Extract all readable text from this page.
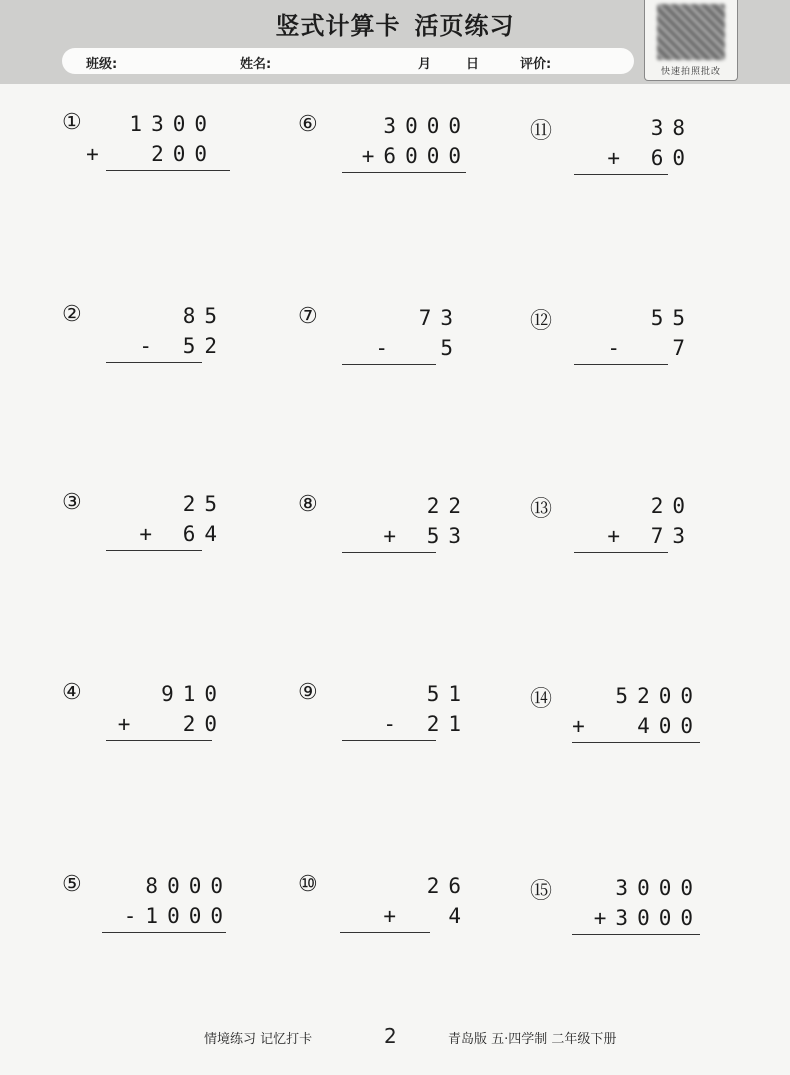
竖式计算卡 活页练习
班级:	姓名:	月	日	评价:	快速拍照批改
① 1300
+  200
②	85
- 52
③	25
+ 64
④	910
+  20
⑤	8000
-1000
⑥	3000
+6000
⑦	73
-  5
⑧	22
+ 53
⑨	51
- 21
⑩	26
+  4
⑪	38
+ 60
⑫	55
-  7
⑬	20
+ 73
⑭	5200
+  400
⑮	3000
+3000
情境练习 记忆打卡	2	青岛版 五·四学制 二年级下册
